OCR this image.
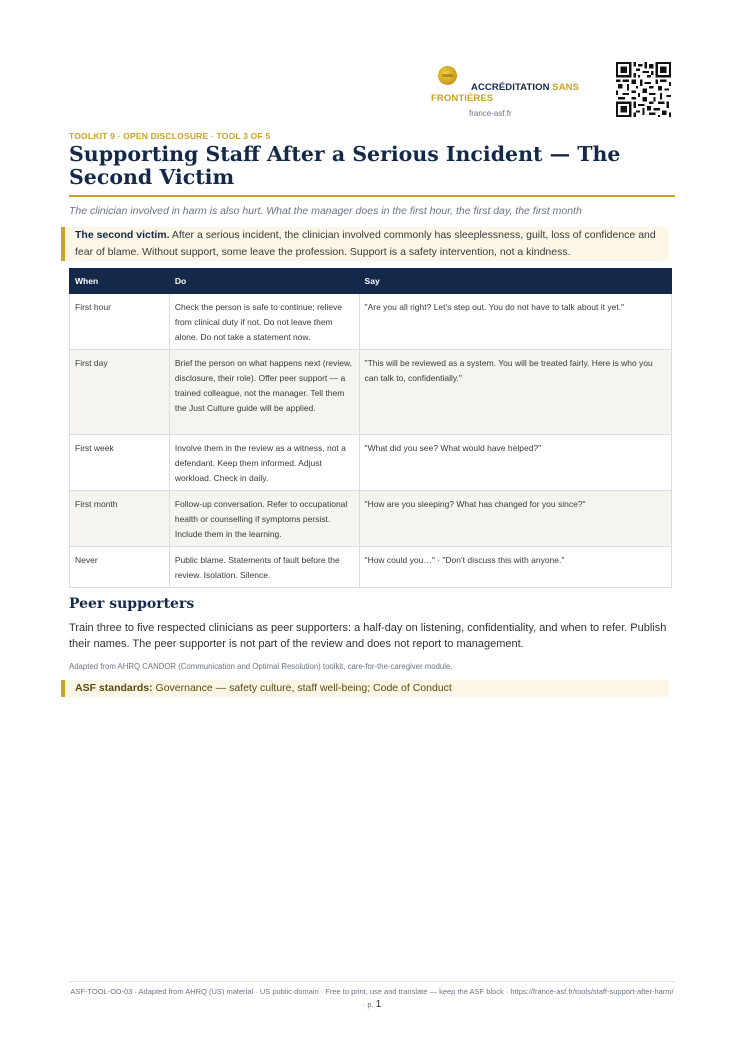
ACCRÉDITATION SANS FRONTIÈRES
france-asf.fr
TOOLKIT 9 · OPEN DISCLOSURE · TOOL 3 OF 5
Supporting Staff After a Serious Incident — The Second Victim
The clinician involved in harm is also hurt. What the manager does in the first hour, the first day, the first month
The second victim. After a serious incident, the clinician involved commonly has sleeplessness, guilt, loss of confidence and fear of blame. Without support, some leave the profession. Support is a safety intervention, not a kindness.
When	Do	Say
First hour	Check the person is safe to continue; relieve from clinical duty if not. Do not leave them alone. Do not take a statement now.	"Are you all right? Let's step out. You do not have to talk about it yet."
First day	Brief the person on what happens next (review, disclosure, their role). Offer peer support — a trained colleague, not the manager. Tell them the Just Culture guide will be applied.	"This will be reviewed as a system. You will be treated fairly. Here is who you can talk to, confidentially."
First week	Involve them in the review as a witness, not a defendant. Keep them informed. Adjust workload. Check in daily.	"What did you see? What would have helped?"
First month	Follow-up conversation. Refer to occupational health or counselling if symptoms persist. Include them in the learning.	"How are you sleeping? What has changed for you since?"
Never	Public blame. Statements of fault before the review. Isolation. Silence.	"How could you…" · "Don't discuss this with anyone."
Peer supporters

Train three to five respected clinicians as peer supporters: a half-day on listening, confidentiality, and when to refer. Publish their names. The peer supporter is not part of the review and does not report to management.

Adapted from AHRQ CANDOR (Communication and Optimal Resolution) toolkit, care-for-the-caregiver module.
ASF standards: Governance — safety culture, staff well-being; Code of Conduct
ASF-TOOL-OD-03 · Adapted from AHRQ (US) material · US public domain · Free to print, use and translate — keep the ASF block · https://france-asf.fr/tools/staff-support-after-harm/ · p. 1
